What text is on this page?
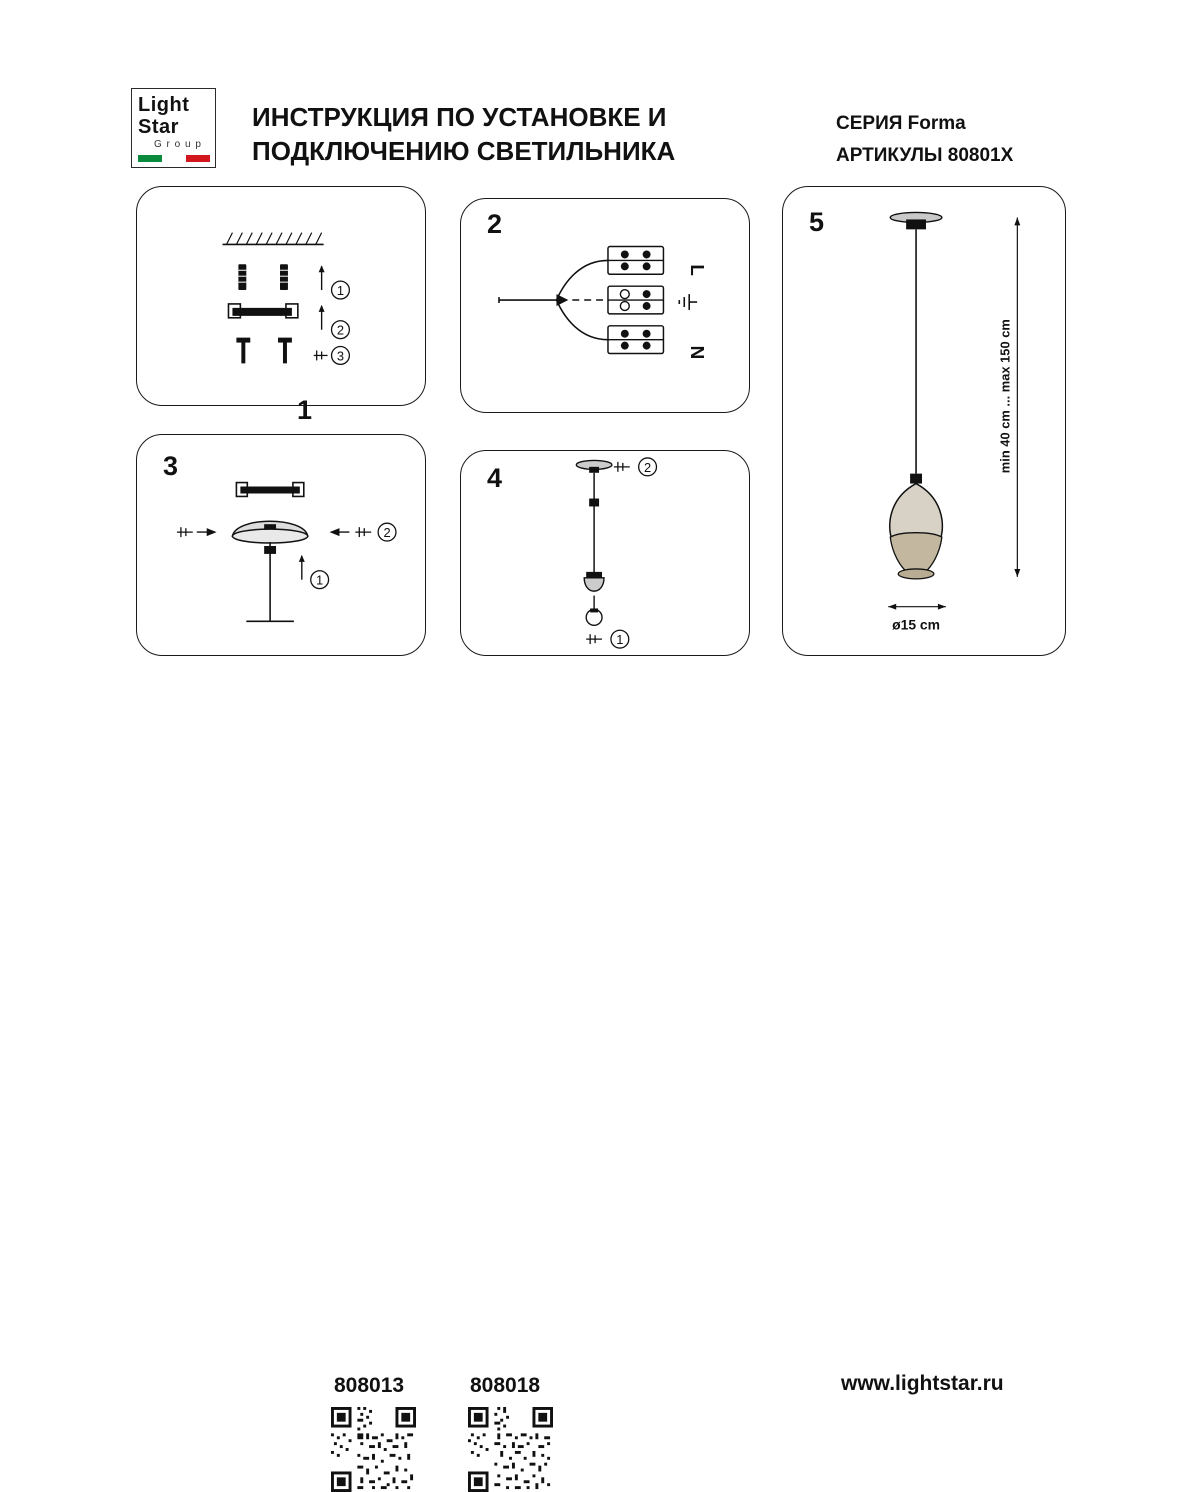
Light
Star
G r o u p
ИНСТРУКЦИЯ ПО УСТАНОВКЕ И
ПОДКЛЮЧЕНИЮ СВЕТИЛЬНИКА
СЕРИЯ Forma
АРТИКУЛЫ 80801X
1
2
3
1
L
N
2
2
1
3	2
1
4
min 40 cm ... max 150 cm
ø15 cm
5
808013	808018	www.lightstar.ru
